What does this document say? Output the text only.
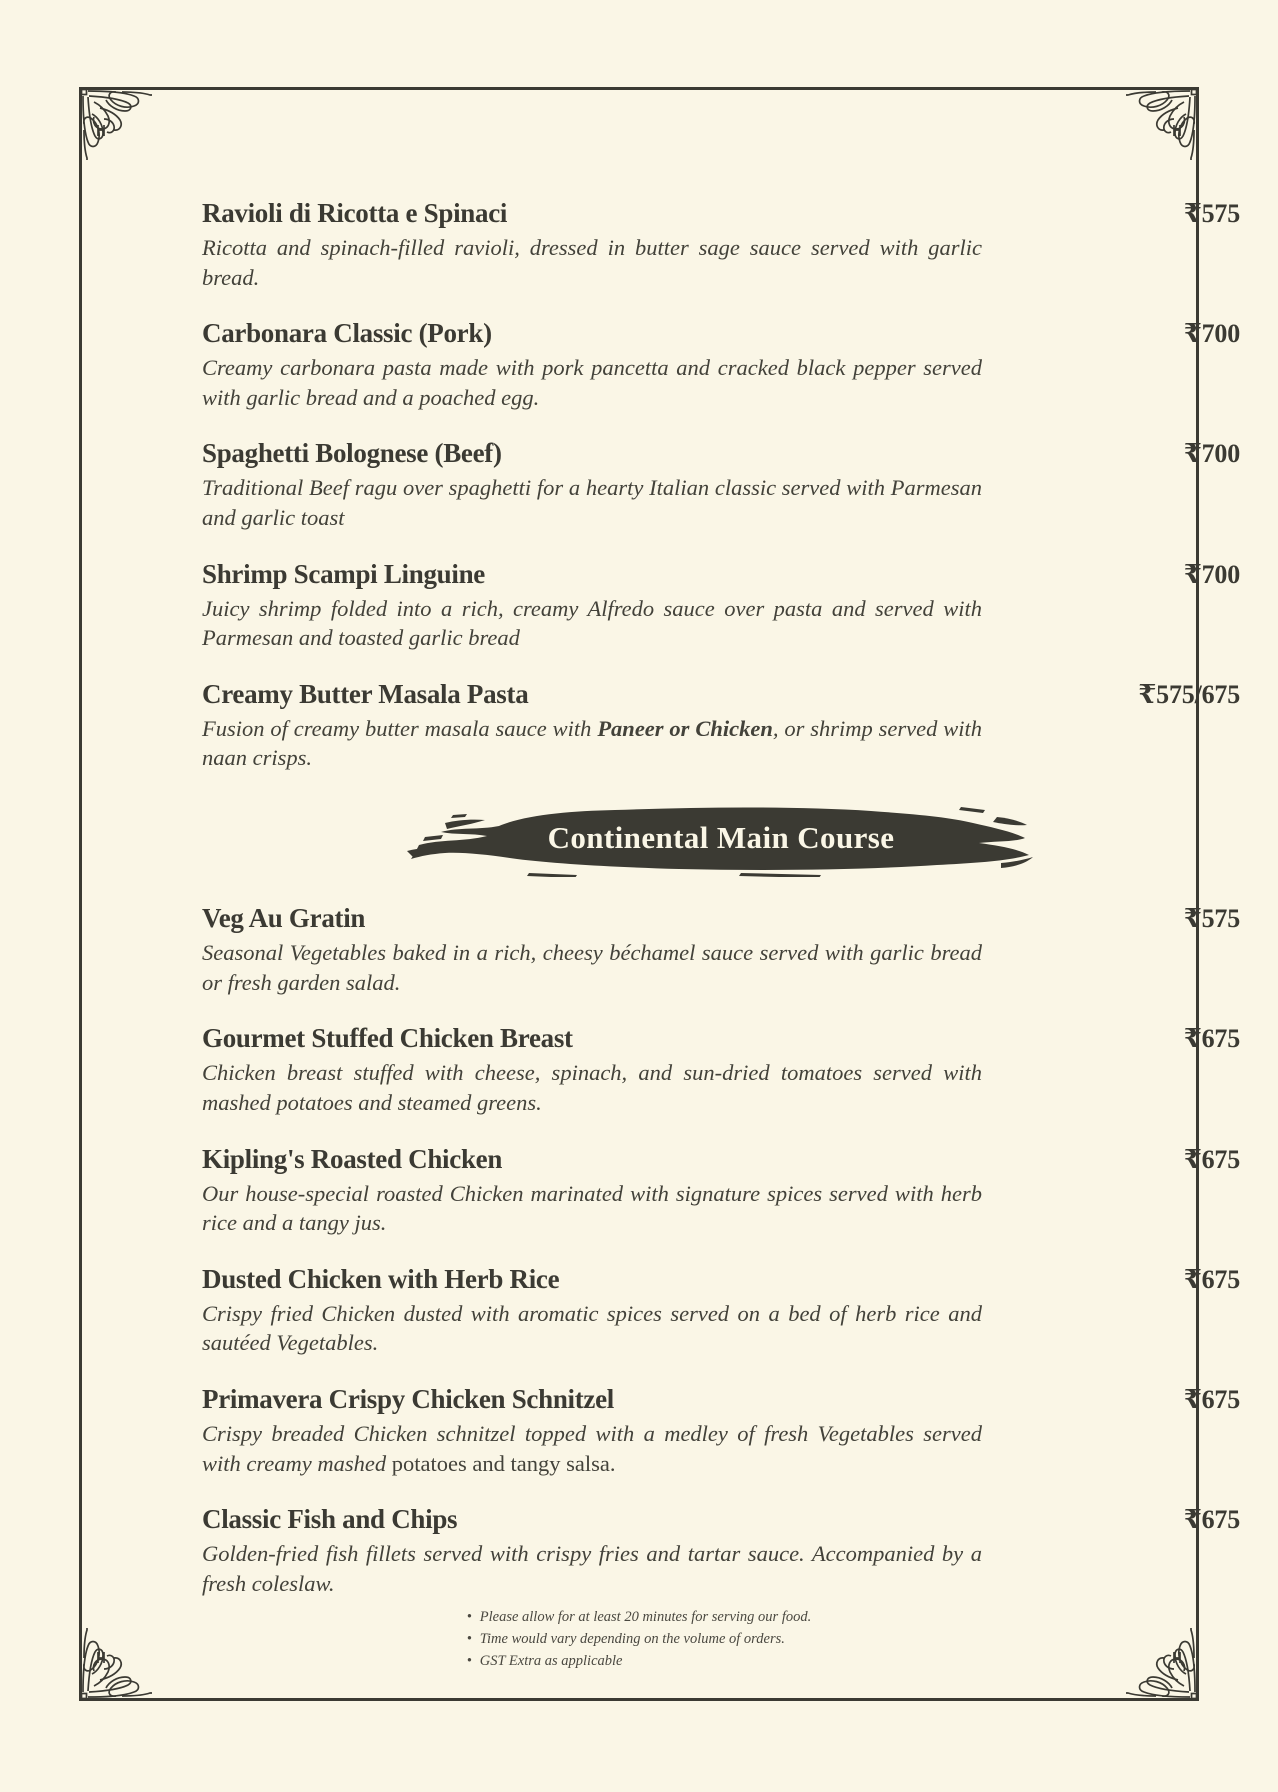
Ravioli di Ricotta e Spinaci	₹575
Ricotta and spinach-filled ravioli, dressed in butter sage sauce served with garlic bread.
Carbonara Classic (Pork)	₹700
Creamy carbonara pasta made with pork pancetta and cracked black pepper served with garlic bread and a poached egg.
Spaghetti Bolognese (Beef)	₹700
Traditional Beef ragu over spaghetti for a hearty Italian classic served with Parmesan and garlic toast
Shrimp Scampi Linguine	₹700
Juicy shrimp folded into a rich, creamy Alfredo sauce over pasta and served with Parmesan and toasted garlic bread
Creamy Butter Masala Pasta	₹575/675
Fusion of creamy butter masala sauce with Paneer or Chicken, or shrimp served with naan crisps.
Continental Main Course
Veg Au Gratin	₹575
Seasonal Vegetables baked in a rich, cheesy béchamel sauce served with garlic bread or fresh garden salad.
Gourmet Stuffed Chicken Breast	₹675
Chicken breast stuffed with cheese, spinach, and sun-dried tomatoes served with mashed potatoes and steamed greens.
Kipling's Roasted Chicken	₹675
Our house-special roasted Chicken marinated with signature spices served with herb rice and a tangy jus.
Dusted Chicken with Herb Rice	₹675
Crispy fried Chicken dusted with aromatic spices served on a bed of herb rice and sautéed Vegetables.
Primavera Crispy Chicken Schnitzel	₹675
Crispy breaded Chicken schnitzel topped with a medley of fresh Vegetables served with creamy mashed potatoes and tangy salsa.
Classic Fish and Chips	₹675
Golden-fried fish fillets served with crispy fries and tartar sauce. Accompanied by a fresh coleslaw.
• Please allow for at least 20 minutes for serving our food.
• Time would vary depending on the volume of orders.
• GST Extra as applicable
